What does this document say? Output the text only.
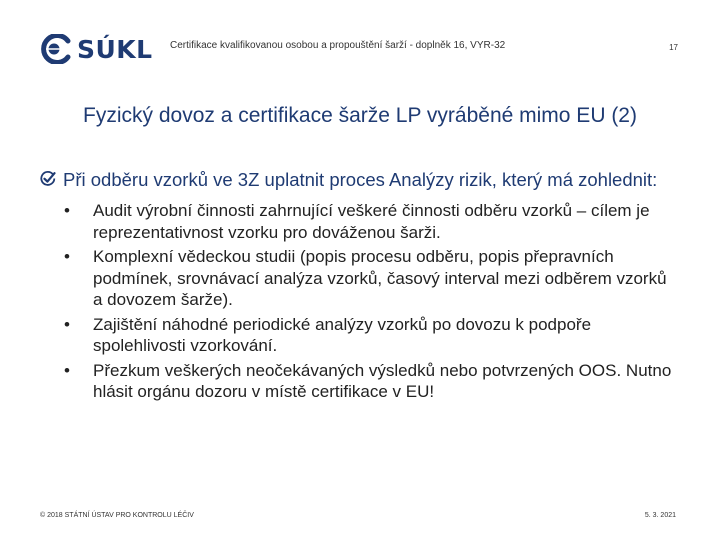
SÚKL Certifikace kvalifikovanou osobou a propouštění šarží - doplněk 16, VYR-32	17
Fyzický dovoz a certifikace šarže LP vyráběné mimo EU (2)
Při odběru vzorků ve 3Z uplatnit proces Analýzy rizik, který má zohlednit:
•	Audit výrobní činnosti zahrnující veškeré činnosti odběru vzorků – cílem je reprezentativnost vzorku pro dováženou šarži.
•	Komplexní vědeckou studii (popis procesu odběru, popis přepravních podmínek, srovnávací analýza vzorků, časový interval mezi odběrem vzorků a dovozem šarže).
•	Zajištění náhodné periodické analýzy vzorků po dovozu k podpoře spolehlivosti vzorkování.
•	Přezkum veškerých neočekávaných výsledků nebo potvrzených OOS. Nutno hlásit orgánu dozoru v místě certifikace v EU!
© 2018 STÁTNÍ ÚSTAV PRO KONTROLU LÉČIV	5. 3. 2021
